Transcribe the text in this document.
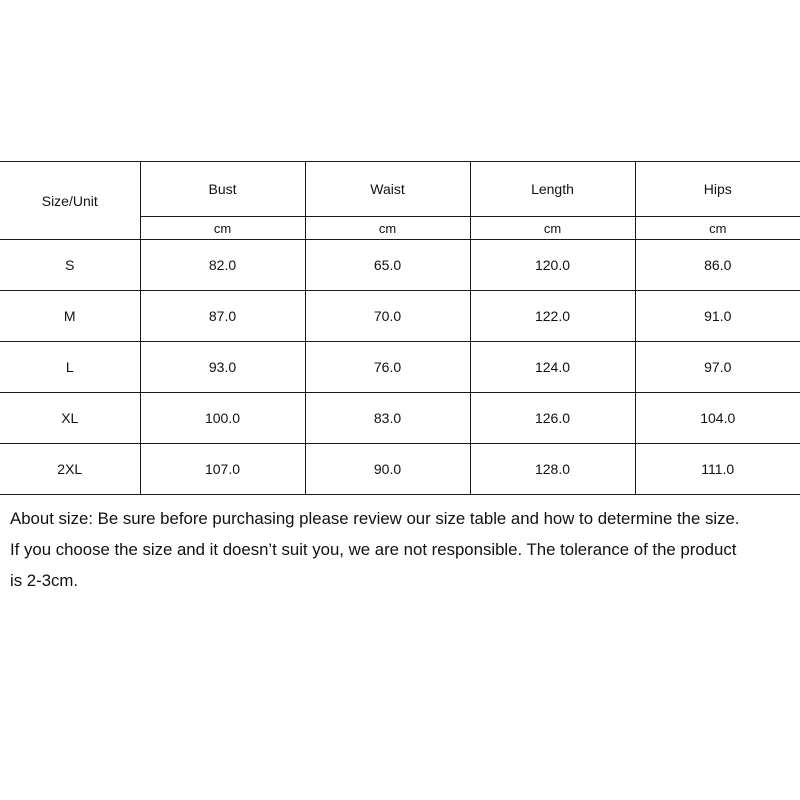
Size/Unit	Bust	Waist	Length	Hips
	cm	cm	cm	cm
S	82.0	65.0	120.0	86.0
M	87.0	70.0	122.0	91.0
L	93.0	76.0	124.0	97.0
XL	100.0	83.0	126.0	104.0
2XL	107.0	90.0	128.0	111.0

About size: Be sure before purchasing please review our size table and how to determine the size.
If you choose the size and it doesn’t suit you, we are not responsible. The tolerance of the product
is 2-3cm.
